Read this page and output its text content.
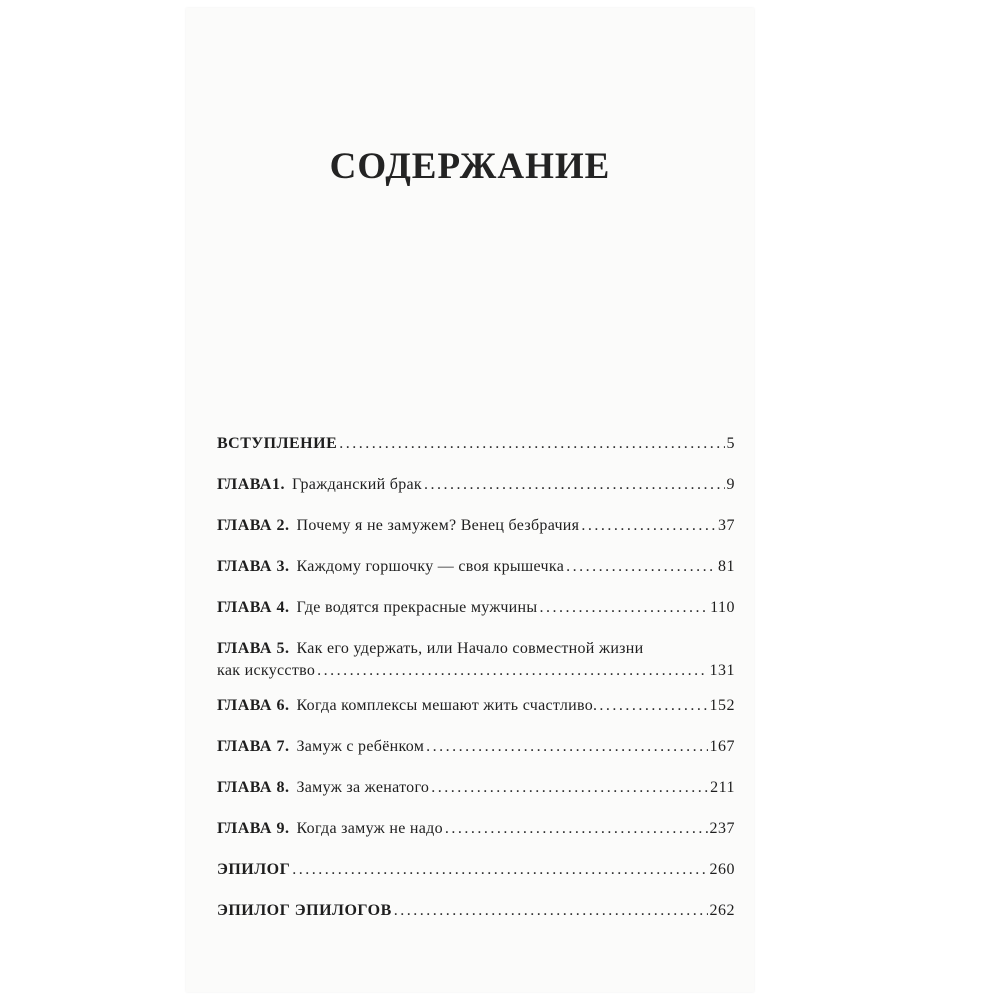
СОДЕРЖАНИЕ
ВСТУПЛЕНИЕ .....	5
ГЛАВА1. Гражданский брак .....	9
ГЛАВА 2. Почему я не замужем? Венец безбрачия .....	37
ГЛАВА 3. Каждому горшочку — своя крышечка .....	81
ГЛАВА 4. Где водятся прекрасные мужчины .....	110
ГЛАВА 5. Как его удержать, или Начало совместной жизни
как искусство .....	131
ГЛАВА 6. Когда комплексы мешают жить счастливо. .....	152
ГЛАВА 7. Замуж с ребёнком .....	167
ГЛАВА 8. Замуж за женатого .....	211
ГЛАВА 9. Когда замуж не надо .....	237
ЭПИЛОГ .....	260
ЭПИЛОГ ЭПИЛОГОВ .....	262
